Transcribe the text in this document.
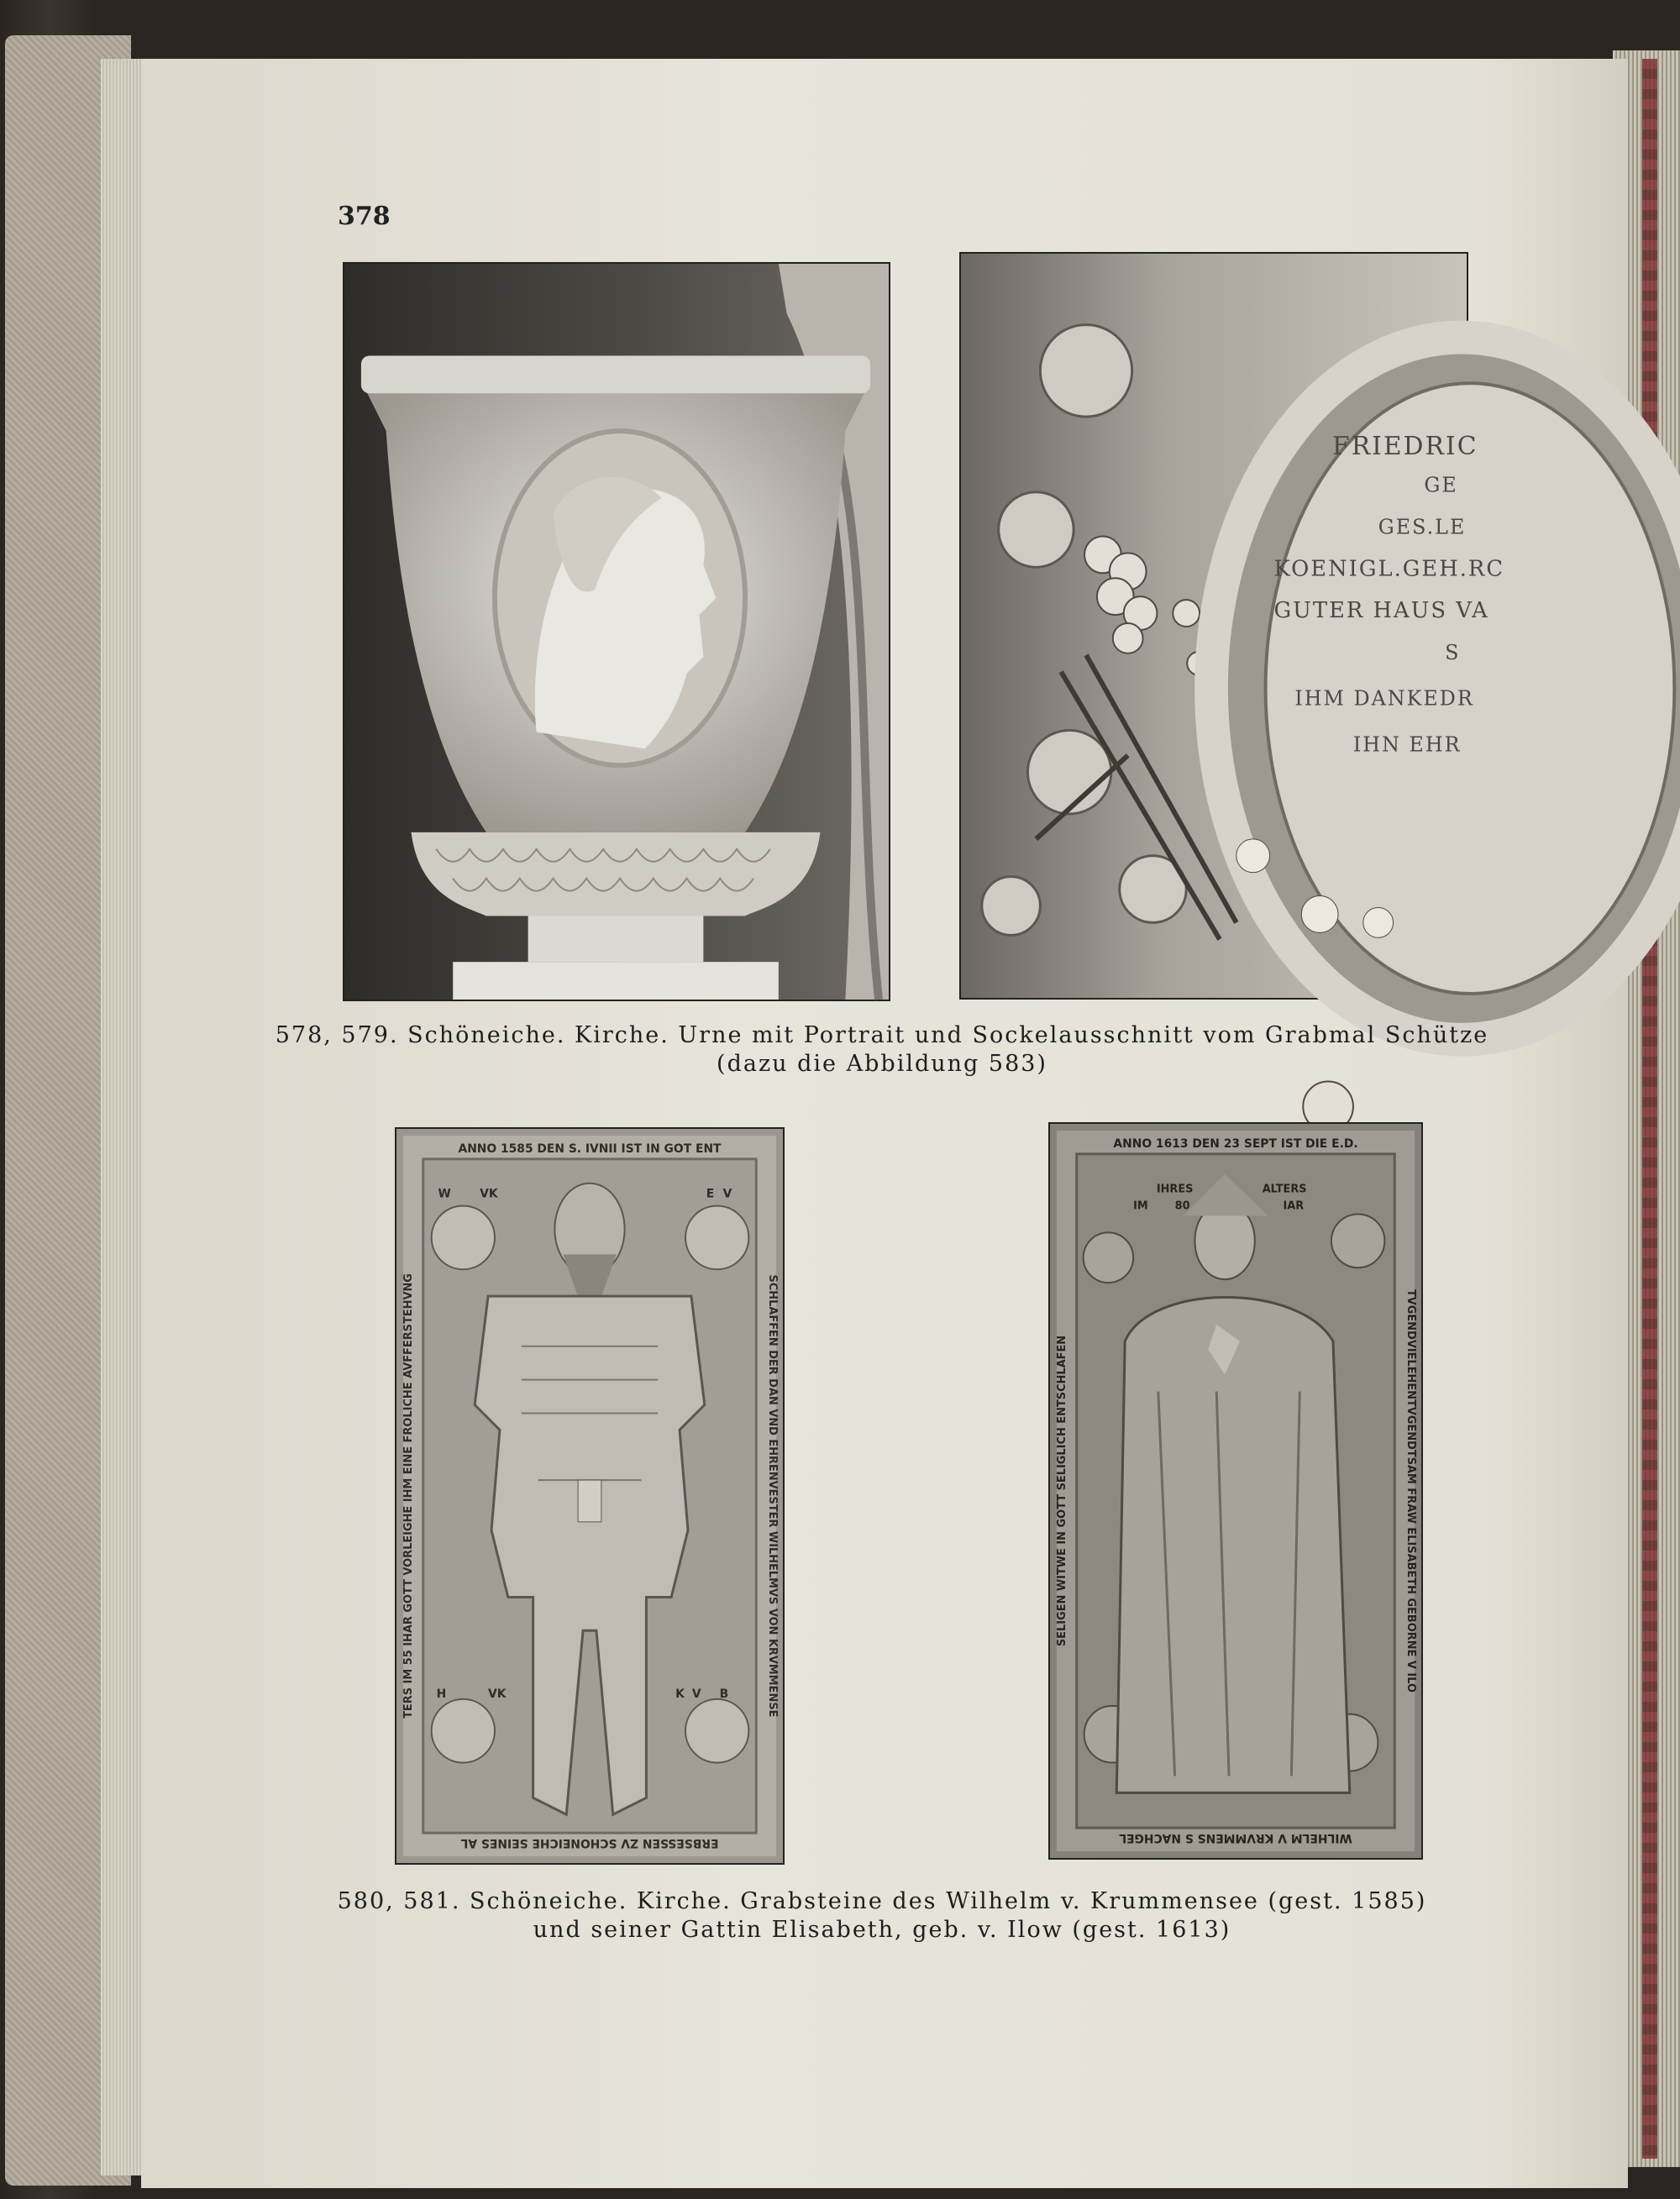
378
FRIEDRIC
GE
GES.LE
KOENIGL.GEH.RC
GUTER HAUS VA
S
IHM DANKEDR
IHN EHR
578, 579. Schöneiche. Kirche. Urne mit Portrait und Sockelausschnitt vom Grabmal Schütze
(dazu die Abbildung 583)
ANNO 1585 DEN S. IVNII IST IN GOT ENT
ERBSESSEN ZV SCHONEICHE SEINES AL
SCHLAFFEN DER DAN VND EHRENVESTER WILHELMVS VON KRVMMENSE
TERS IM 55 IHAR GOTT VORLEIGHE IHM EINE FROLICHE AVFFERSTEHVNG
W VK	E V
H	VK	K V B
ANNO 1613 DEN 23 SEPT IST DIE E.D.
WILHELM V KRVMMENS S NACHGEL
TVGENDVIELEHENTVGENDTSAM FRAW ELISABETH GEBORNE V ILO
SELIGEN WITWE IN GOTT SELIGLICH ENTSCHLAFEN
IHRES	ALTERS
IM 80	IAR
580, 581. Schöneiche. Kirche. Grabsteine des Wilhelm v. Krummensee (gest. 1585)
und seiner Gattin Elisabeth, geb. v. Ilow (gest. 1613)
